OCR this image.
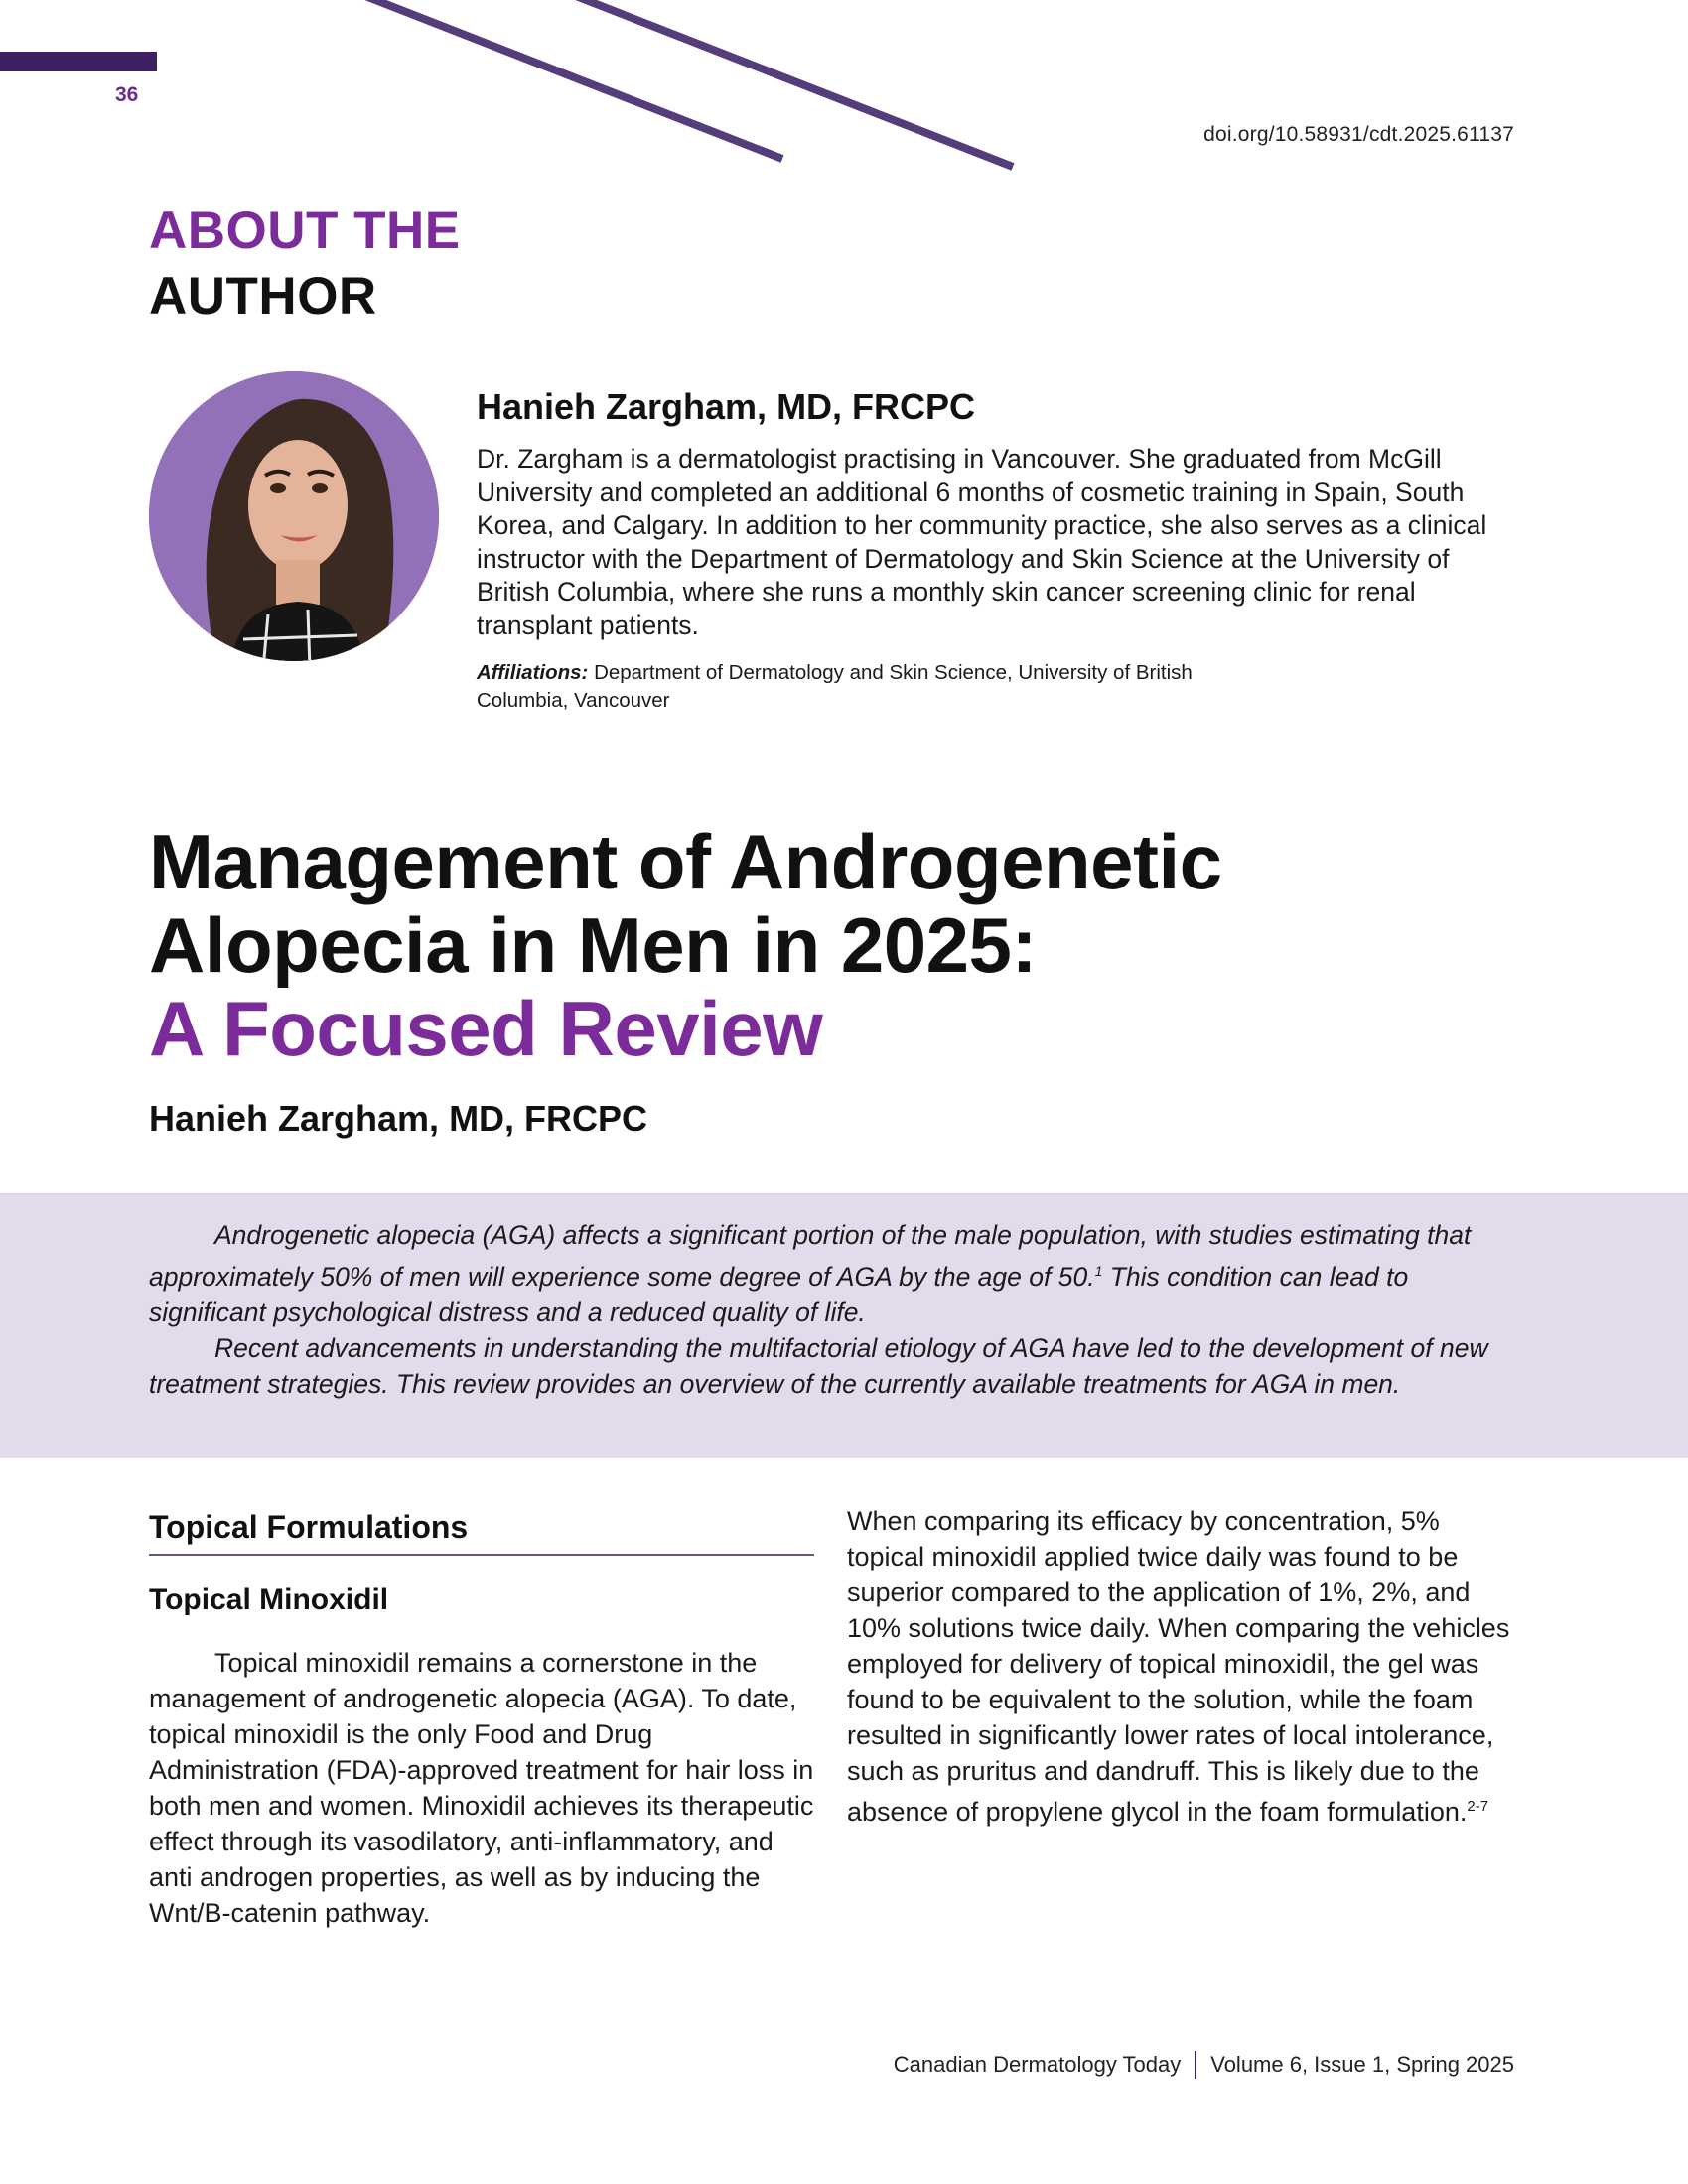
36
doi.org/10.58931/cdt.2025.61137
ABOUT THE
AUTHOR
Hanieh Zargham, MD, FRCPC
Dr. Zargham is a dermatologist practising in Vancouver. She graduated from McGill University and completed an additional 6 months of cosmetic training in Spain, South Korea, and Calgary. In addition to her community practice, she also serves as a clinical instructor with the Department of Dermatology and Skin Science at the University of British Columbia, where she runs a monthly skin cancer screening clinic for renal transplant patients.
Affiliations: Department of Dermatology and Skin Science, University of British Columbia, Vancouver
Management of Androgenetic
Alopecia in Men in 2025:
A Focused Review
Hanieh Zargham, MD, FRCPC

Androgenetic alopecia (AGA) affects a significant portion of the male population, with studies estimating that approximately 50% of men will experience some degree of AGA by the age of 50.$^1$ This condition can lead to significant psychological distress and a reduced quality of life.

Recent advancements in understanding the multifactorial etiology of AGA have led to the development of new treatment strategies. This review provides an overview of the currently available treatments for AGA in men.

Topical Formulations
Topical Minoxidil
Topical minoxidil remains a cornerstone in the management of androgenetic alopecia (AGA). To date, topical minoxidil is the only Food and Drug Administration (FDA)-approved treatment for hair loss in both men and women. Minoxidil achieves its therapeutic effect through its vasodilatory, anti-inflammatory, and anti androgen properties, as well as by inducing the Wnt/B-catenin pathway.
When comparing its efficacy by concentration, 5% topical minoxidil applied twice daily was found to be superior compared to the application of 1%, 2%, and 10% solutions twice daily. When comparing the vehicles employed for delivery of topical minoxidil, the gel was found to be equivalent to the solution, while the foam resulted in significantly lower rates of local intolerance, such as pruritus and dandruff. This is likely due to the absence of propylene glycol in the foam formulation.$^{2-7}$
Canadian Dermatology Today Volume 6, Issue 1, Spring 2025
